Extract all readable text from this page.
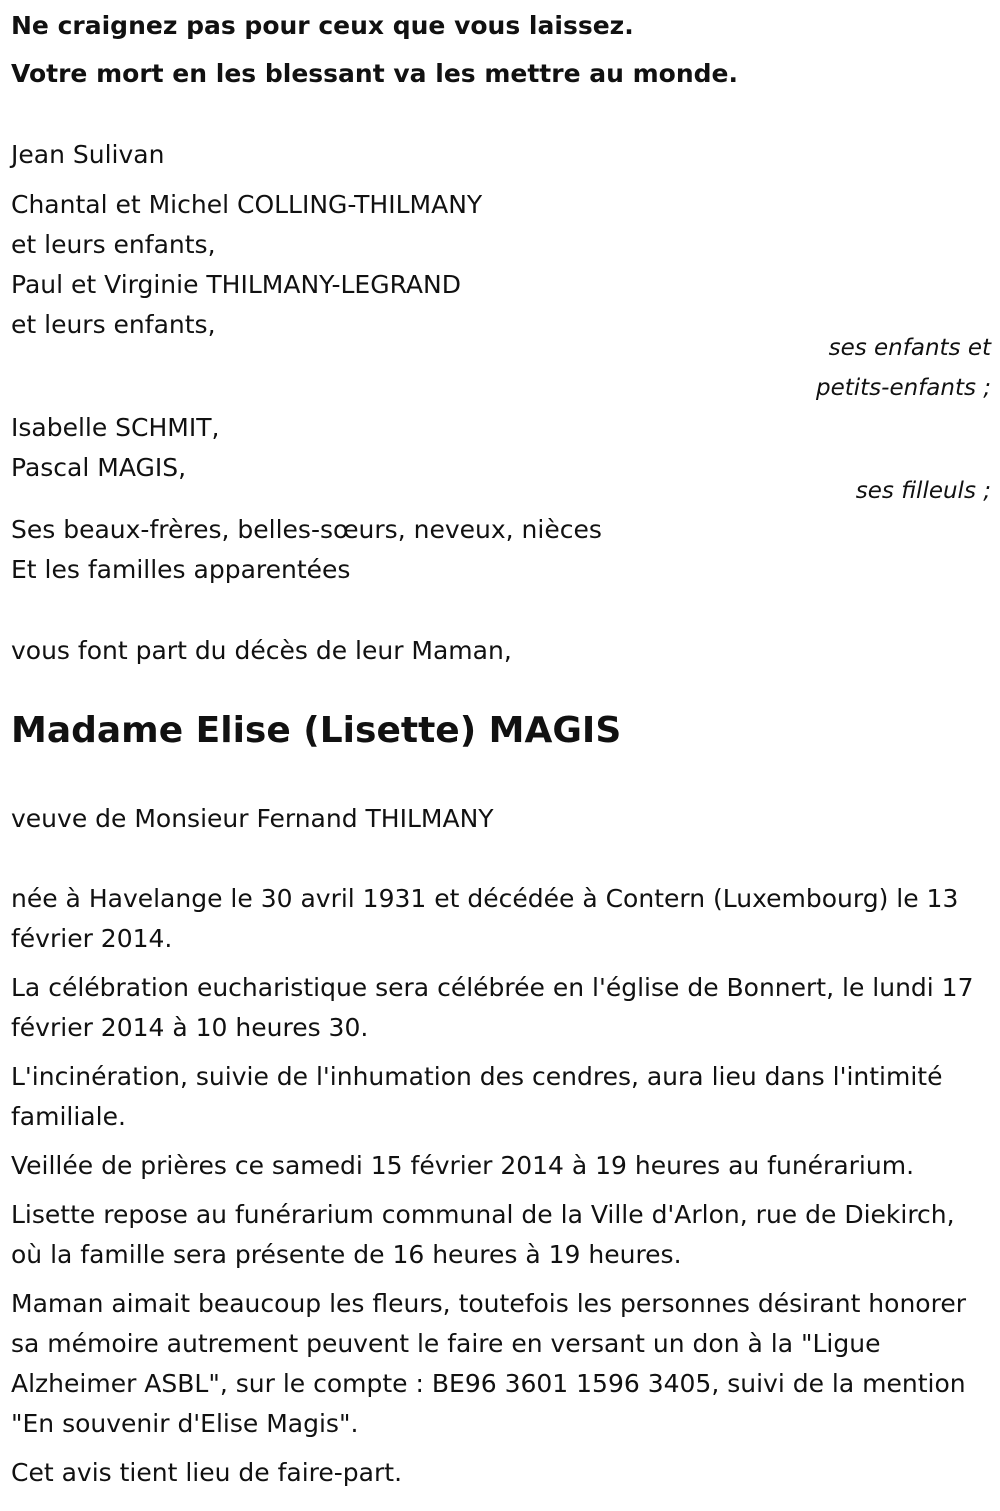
Ne craignez pas pour ceux que vous laissez.
Votre mort en les blessant va les mettre au monde.
Jean Sulivan
Chantal et Michel COLLING-THILMANY
et leurs enfants,
Paul et Virginie THILMANY-LEGRAND
et leurs enfants,
ses enfants et
petits-enfants ;
Isabelle SCHMIT,
Pascal MAGIS,
ses filleuls ;
Ses beaux-frères, belles-sœurs, neveux, nièces
Et les familles apparentées
vous font part du décès de leur Maman,
Madame Elise (Lisette) MAGIS
veuve de Monsieur Fernand THILMANY
née à Havelange le 30 avril 1931 et décédée à Contern (Luxembourg) le 13 février 2014.
La célébration eucharistique sera célébrée en l'église de Bonnert, le lundi 17 février 2014 à 10 heures 30.
L'incinération, suivie de l'inhumation des cendres, aura lieu dans l'intimité familiale.
Veillée de prières ce samedi 15 février 2014 à 19 heures au funérarium.
Lisette repose au funérarium communal de la Ville d'Arlon, rue de Diekirch, où la famille sera présente de 16 heures à 19 heures.
Maman aimait beaucoup les fleurs, toutefois les personnes désirant honorer sa mémoire autrement peuvent le faire en versant un don à la "Ligue Alzheimer ASBL", sur le compte : BE96 3601 1596 3405, suivi de la mention "En souvenir d'Elise Magis".
Cet avis tient lieu de faire-part.
